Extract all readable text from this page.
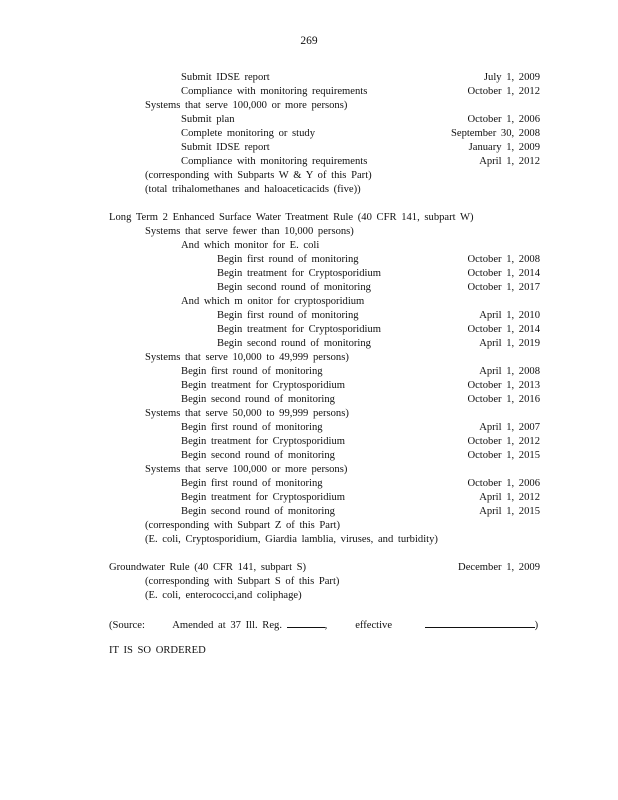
269
Submit IDSE report	July 1, 2009
Compliance with monitoring requirements	October 1, 2012
Systems that serve 100,000 or more persons)
Submit plan	October 1, 2006
Complete monitoring or study	September 30, 2008
Submit IDSE report	January 1, 2009
Compliance with monitoring requirements	April 1, 2012
(corresponding with Subparts W & Y of this Part)
(total trihalomethanes and haloaceticacids (five))
Long Term 2 Enhanced Surface Water Treatment Rule (40 CFR 141, subpart W)
Systems that serve fewer than 10,000 persons)
And which monitor for E. coli
Begin first round of monitoring	October 1, 2008
Begin treatment for Cryptosporidium	October 1, 2014
Begin second round of monitoring	October 1, 2017
And which m onitor for cryptosporidium
Begin first round of monitoring	April 1, 2010
Begin treatment for Cryptosporidium	October 1, 2014
Begin second round of monitoring	April 1, 2019
Systems that serve 10,000 to 49,999 persons)
Begin first round of monitoring	April 1, 2008
Begin treatment for Cryptosporidium	October 1, 2013
Begin second round of monitoring	October 1, 2016
Systems that serve 50,000 to 99,999 persons)
Begin first round of monitoring	April 1, 2007
Begin treatment for Cryptosporidium	October 1, 2012
Begin second round of monitoring	October 1, 2015
Systems that serve 100,000 or more persons)
Begin first round of monitoring	October 1, 2006
Begin treatment for Cryptosporidium	April 1, 2012
Begin second round of monitoring	April 1, 2015
(corresponding with Subpart Z of this Part)
(E. coli, Cryptosporidium, Giardia lamblia, viruses, and turbidity)
Groundwater Rule (40 CFR 141, subpart S)	December 1, 2009
(corresponding with Subpart S of this Part)
(E. coli, enterococci,and coliphage)
(Source:	Amended at 37 Ill. Reg.	,	effective	)
IT IS SO ORDERED
